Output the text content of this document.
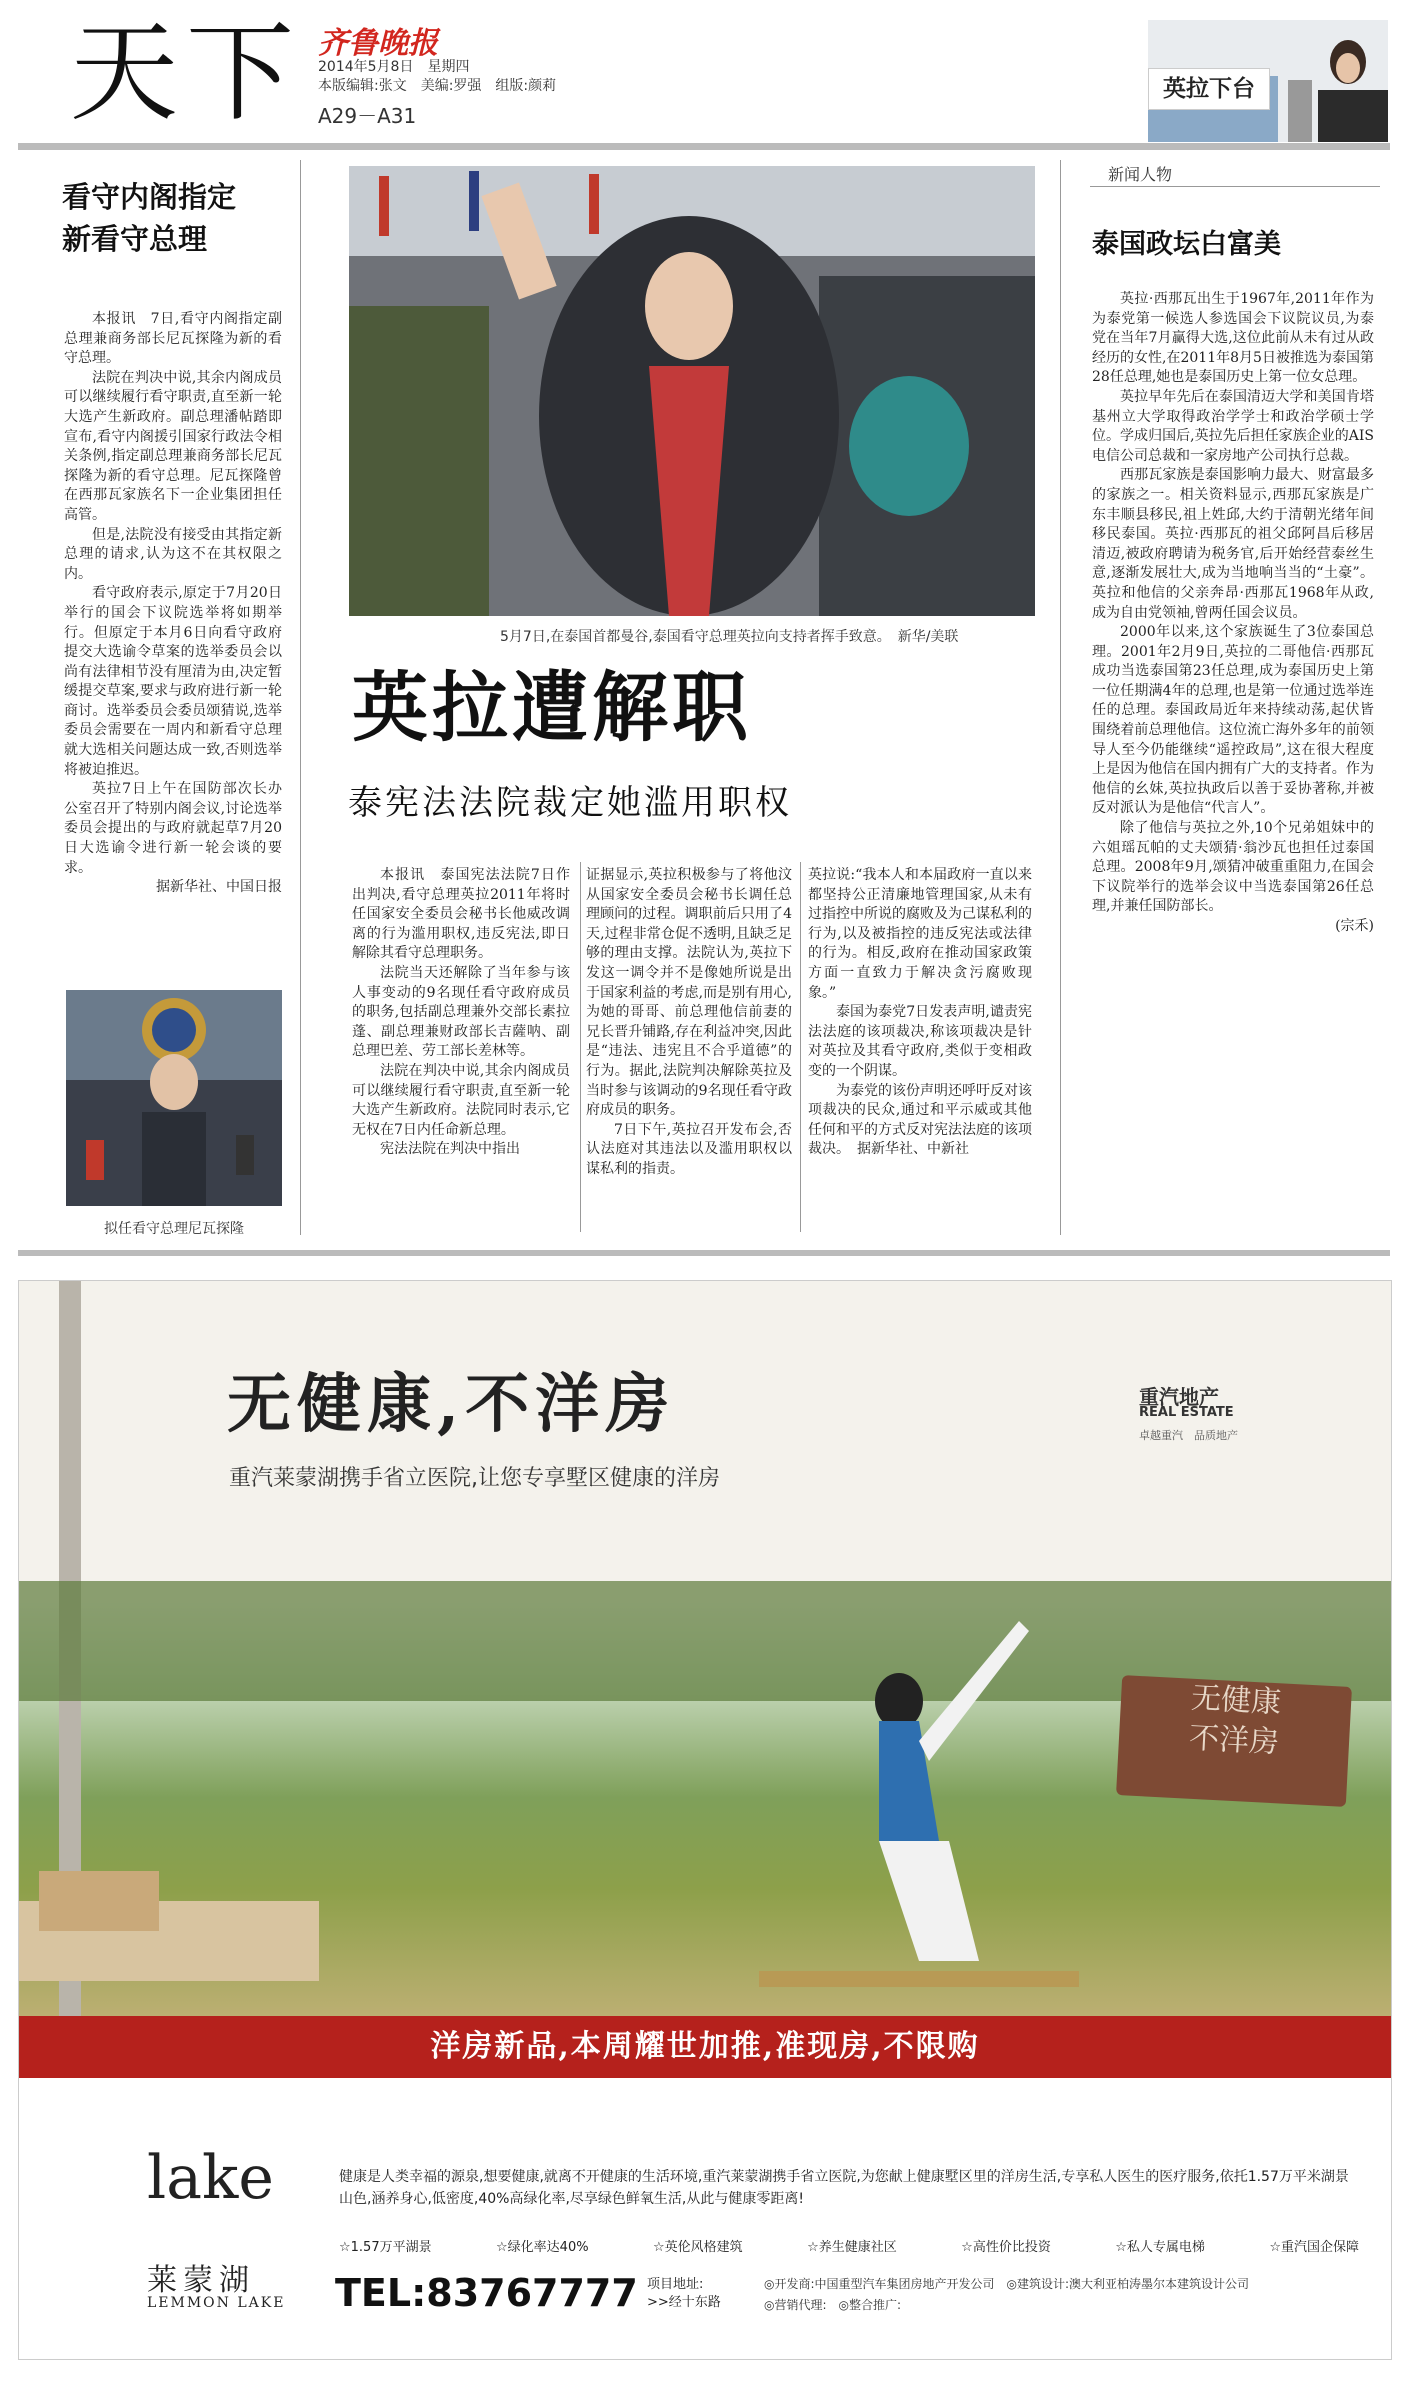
天下 齐鲁晚报
2014年5月8日　星期四
本版编辑:张文　美编:罗强　组版:颜莉
A29－A31
英拉下台
看守内阁指定
新看守总理

本报讯　7日,看守内阁指定副总理兼商务部长尼瓦探隆为新的看守总理。

法院在判决中说,其余内阁成员可以继续履行看守职责,直至新一轮大选产生新政府。副总理潘帖踏即宣布,看守内阁援引国家行政法令相关条例,指定副总理兼商务部长尼瓦探隆为新的看守总理。尼瓦探隆曾在西那瓦家族名下一企业集团担任高管。

但是,法院没有接受由其指定新总理的请求,认为这不在其权限之内。

看守政府表示,原定于7月20日举行的国会下议院选举将如期举行。但原定于本月6日向看守政府提交大选谕令草案的选举委员会以尚有法律相节没有厘清为由,决定暂缓提交草案,要求与政府进行新一轮商讨。选举委员会委员颂猜说,选举委员会需要在一周内和新看守总理就大选相关问题达成一致,否则选举将被迫推迟。

英拉7日上午在国防部次长办公室召开了特别内阁会议,讨论选举委员会提出的与政府就起草7月20日大选谕令进行新一轮会谈的要求。

据新华社、中国日报

拟任看守总理尼瓦探隆
5月7日,在泰国首都曼谷,泰国看守总理英拉向支持者挥手致意。　新华/美联
英拉遭解职
泰宪法法院裁定她滥用职权

本报讯　泰国宪法法院7日作出判决,看守总理英拉2011年将时任国家安全委员会秘书长他威改调离的行为滥用职权,违反宪法,即日解除其看守总理职务。

法院当天还解除了当年参与该人事变动的9名现任看守政府成员的职务,包括副总理兼外交部长素拉蓬、副总理兼财政部长吉薩呐、副总理巴差、劳工部长差林等。

法院在判决中说,其余内阁成员可以继续履行看守职责,直至新一轮大选产生新政府。法院同时表示,它无权在7日内任命新总理。

宪法法院在判决中指出

证据显示,英拉积极参与了将他汶从国家安全委员会秘书长调任总理顾问的过程。调职前后只用了4天,过程非常仓促不透明,且缺乏足够的理由支撑。法院认为,英拉下发这一调令并不是像她所说是出于国家利益的考虑,而是别有用心,为她的哥哥、前总理他信前妻的兄长晋升铺路,存在利益冲突,因此是“违法、违宪且不合乎道德”的行为。据此,法院判决解除英拉及当时参与该调动的9名现任看守政府成员的职务。

7日下午,英拉召开发布会,否认法庭对其违法以及滥用职权以谋私利的指责。

英拉说:“我本人和本届政府一直以来都坚持公正清廉地管理国家,从未有过指控中所说的腐败及为己谋私利的行为,以及被指控的违反宪法或法律的行为。相反,政府在推动国家政策方面一直致力于解决贪污腐败现象。”

泰国为泰党7日发表声明,谴责宪法法庭的该项裁决,称该项裁决是针对英拉及其看守政府,类似于变相政变的一个阴谋。

为泰党的该份声明还呼吁反对该项裁决的民众,通过和平示威或其他任何和平的方式反对宪法法庭的该项裁决。　据新华社、中新社

新闻人物
泰国政坛白富美

英拉·西那瓦出生于1967年,2011年作为为泰党第一候选人参选国会下议院议员,为泰党在当年7月赢得大选,这位此前从未有过从政经历的女性,在2011年8月5日被推选为泰国第28任总理,她也是泰国历史上第一位女总理。

英拉早年先后在泰国清迈大学和美国肯塔基州立大学取得政治学学士和政治学硕士学位。学成归国后,英拉先后担任家族企业的AIS电信公司总裁和一家房地产公司执行总裁。

西那瓦家族是泰国影响力最大、财富最多的家族之一。相关资料显示,西那瓦家族是广东丰顺县移民,祖上姓邱,大约于清朝光绪年间移民泰国。英拉·西那瓦的祖父邱阿昌后移居清迈,被政府聘请为税务官,后开始经营泰丝生意,逐渐发展壮大,成为当地响当当的“土豪”。英拉和他信的父亲奔昂·西那瓦1968年从政,成为自由党领袖,曾两任国会议员。

2000年以来,这个家族诞生了3位泰国总理。2001年2月9日,英拉的二哥他信·西那瓦成功当选泰国第23任总理,成为泰国历史上第一位任期满4年的总理,也是第一位通过选举连任的总理。泰国政局近年来持续动荡,起伏皆围绕着前总理他信。这位流亡海外多年的前领导人至今仍能继续“遥控政局”,这在很大程度上是因为他信在国内拥有广大的支持者。作为他信的幺妹,英拉执政后以善于妥协著称,并被反对派认为是他信“代言人”。

除了他信与英拉之外,10个兄弟姐妹中的六姐瑶瓦帕的丈夫颂猜·翁沙瓦也担任过泰国总理。2008年9月,颂猜冲破重重阻力,在国会下议院举行的选举会议中当选泰国第26任总理,并兼任国防部长。

(宗禾)

无健康,不洋房
重汽莱蒙湖携手省立医院,让您专享墅区健康的洋房
重汽地产
REAL ESTATE
卓越重汽　品质地产
无健康
不洋房
洋房新品,本周耀世加推,准现房,不限购
lake
莱蒙湖
LEMMON LAKE
健康是人类幸福的源泉,想要健康,就离不开健康的生活环境,重汽莱蒙湖携手省立医院,为您献上健康墅区里的洋房生活,专享私人医生的医疗服务,依托1.57万平米湖景山色,涵养身心,低密度,40%高绿化率,尽享绿色鲜氧生活,从此与健康零距离!
☆1.57万平湖景	☆绿化率达40%	☆英伦风格建筑	☆养生健康社区	☆高性价比投资	☆私人专属电梯	☆重汽国企保障
TEL:83767777 项目地址:
>>经十东路
◎开发商:中国重型汽车集团房地产开发公司　 ◎建筑设计:澳大利亚柏涛墨尔本建筑设计公司
◎营销代理:　 ◎整合推广:
